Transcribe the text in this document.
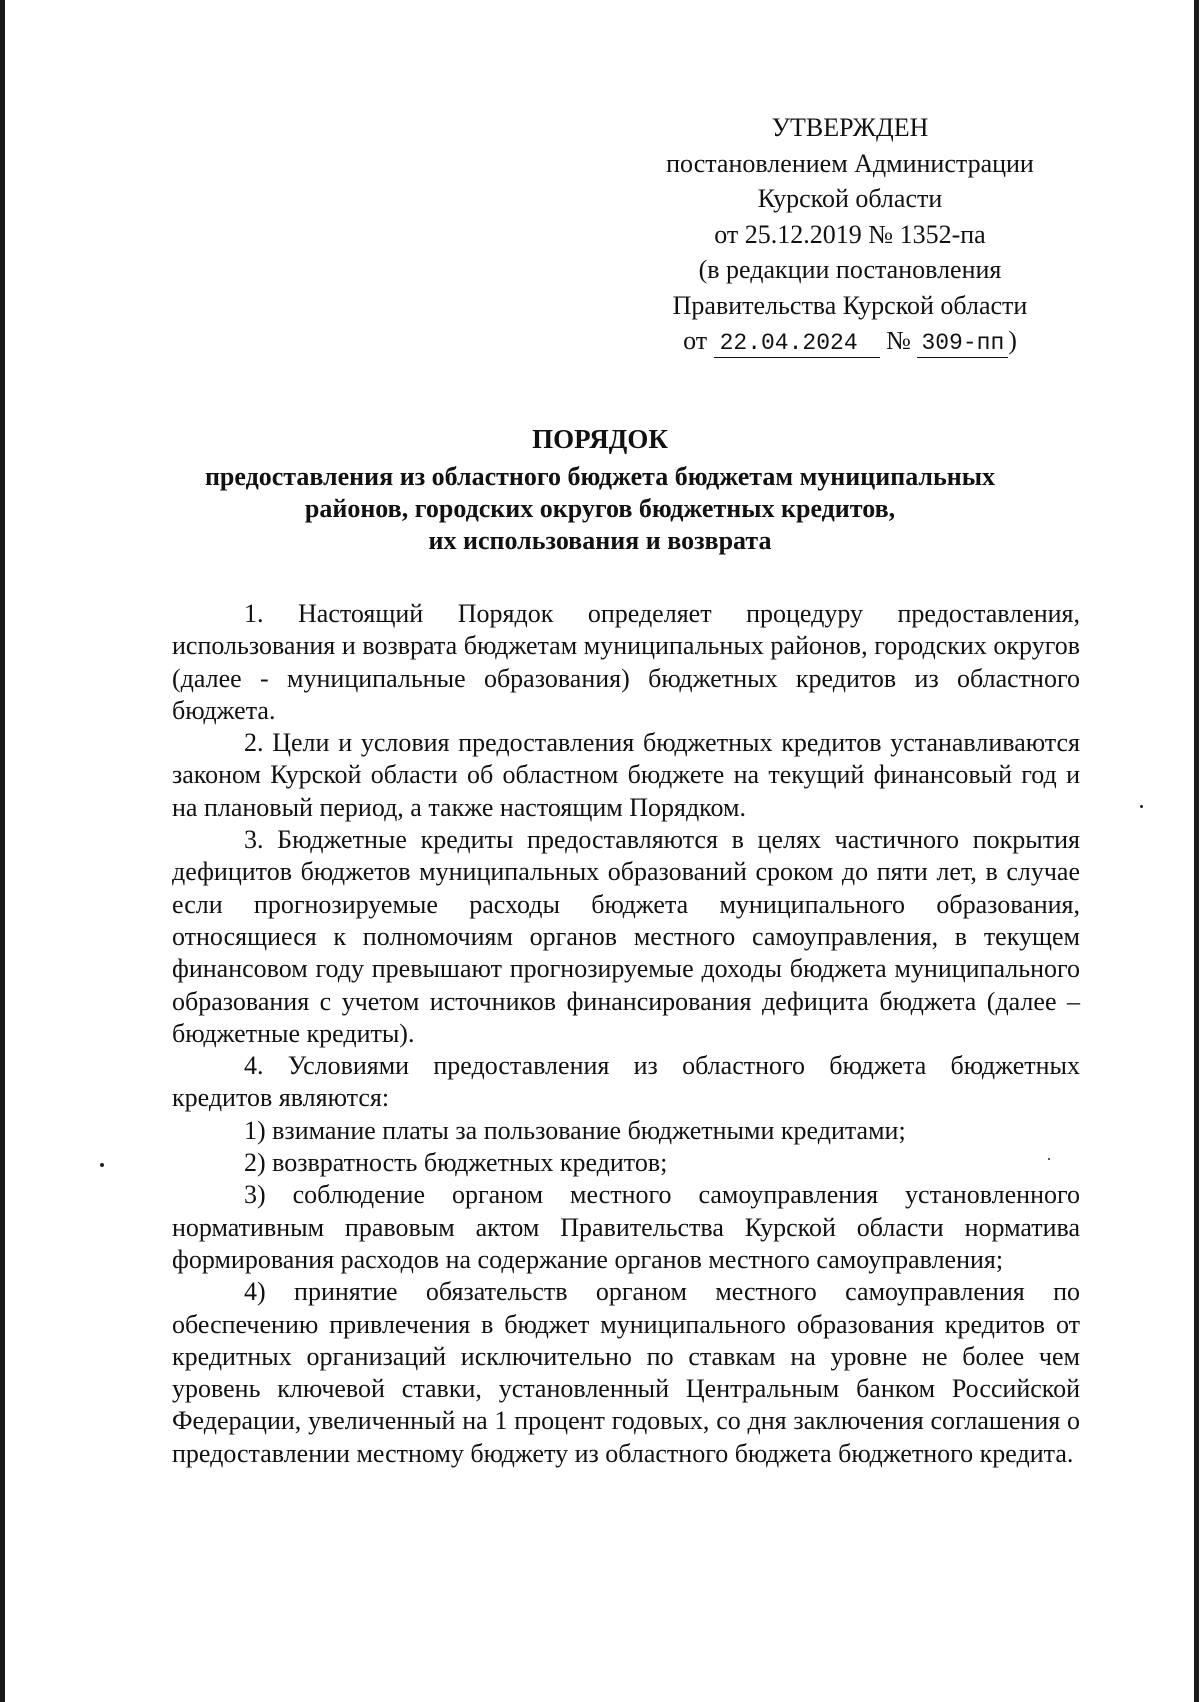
УТВЕРЖДЕН
постановлением Администрации
Курской области
от 25.12.2019 № 1352-па
(в редакции постановления
Правительства Курской области
от 22.04.2024 № 309-пп )
ПОРЯДОК
предоставления из областного бюджета бюджетам муниципальных
районов, городских округов бюджетных кредитов,
их использования и возврата

1. Настоящий Порядок определяет процедуру предоставления, использования и возврата бюджетам муниципальных районов, городских округов (далее - муниципальные образования) бюджетных кредитов из областного бюджета.

2. Цели и условия предоставления бюджетных кредитов устанавливаются законом Курской области об областном бюджете на текущий финансовый год и на плановый период, а также настоящим Порядком.

3. Бюджетные кредиты предоставляются в целях частичного покрытия дефицитов бюджетов муниципальных образований сроком до пяти лет, в случае если прогнозируемые расходы бюджета муниципального образования, относящиеся к полномочиям органов местного самоуправления, в текущем финансовом году превышают прогнозируемые доходы бюджета муниципального образования с учетом источников финансирования дефицита бюджета (далее – бюджетные кредиты).

4. Условиями предоставления из областного бюджета бюджетных кредитов являются:

1) взимание платы за пользование бюджетными кредитами;

2) возвратность бюджетных кредитов;

3) соблюдение органом местного самоуправления установленного нормативным правовым актом Правительства Курской области норматива формирования расходов на содержание органов местного самоуправления;

4) принятие обязательств органом местного самоуправления по обеспечению привлечения в бюджет муниципального образования кредитов от кредитных организаций исключительно по ставкам на уровне не более чем уровень ключевой ставки, установленный Центральным банком Российской Федерации, увеличенный на 1 процент годовых, со дня заключения соглашения о предоставлении местному бюджету из областного бюджета бюджетного кредита.
